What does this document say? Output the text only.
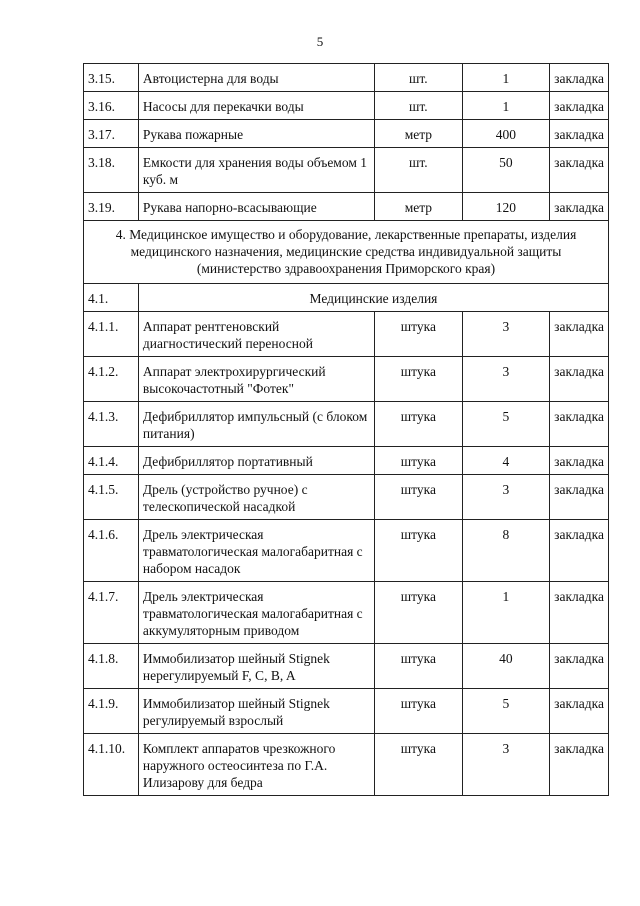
5
3.15.	Автоцистерна для воды	шт.	1	закладка
3.16.	Насосы для перекачки воды	шт.	1	закладка
3.17.	Рукава пожарные	метр	400	закладка
3.18.	Емкости для хранения воды объемом 1 куб. м	шт.	50	закладка
3.19.	Рукава напорно-всасывающие	метр	120	закладка
4. Медицинское имущество и оборудование, лекарственные препараты, изделия медицинского назначения, медицинские средства индивидуальной защиты (министерство здравоохранения Приморского края)				
4.1.	Медицинские изделия			
4.1.1.	Аппарат рентгеновский диагностический переносной	штука	3	закладка
4.1.2.	Аппарат электрохирургический высокочастотный "Фотек"	штука	3	закладка
4.1.3.	Дефибриллятор импульсный (с блоком питания)	штука	5	закладка
4.1.4.	Дефибриллятор портативный	штука	4	закладка
4.1.5.	Дрель (устройство ручное) с телескопической насадкой	штука	3	закладка
4.1.6.	Дрель электрическая травматологическая малогабаритная с набором насадок	штука	8	закладка
4.1.7.	Дрель электрическая травматологическая малогабаритная с аккумуляторным приводом	штука	1	закладка
4.1.8.	Иммобилизатор шейный Stignek нерегулируемый F, C, B, A	штука	40	закладка
4.1.9.	Иммобилизатор шейный Stignek регулируемый взрослый	штука	5	закладка
4.1.10.	Комплект аппаратов чрезкожного наружного остеосинтеза по Г.А. Илизарову для бедра	штука	3	закладка
